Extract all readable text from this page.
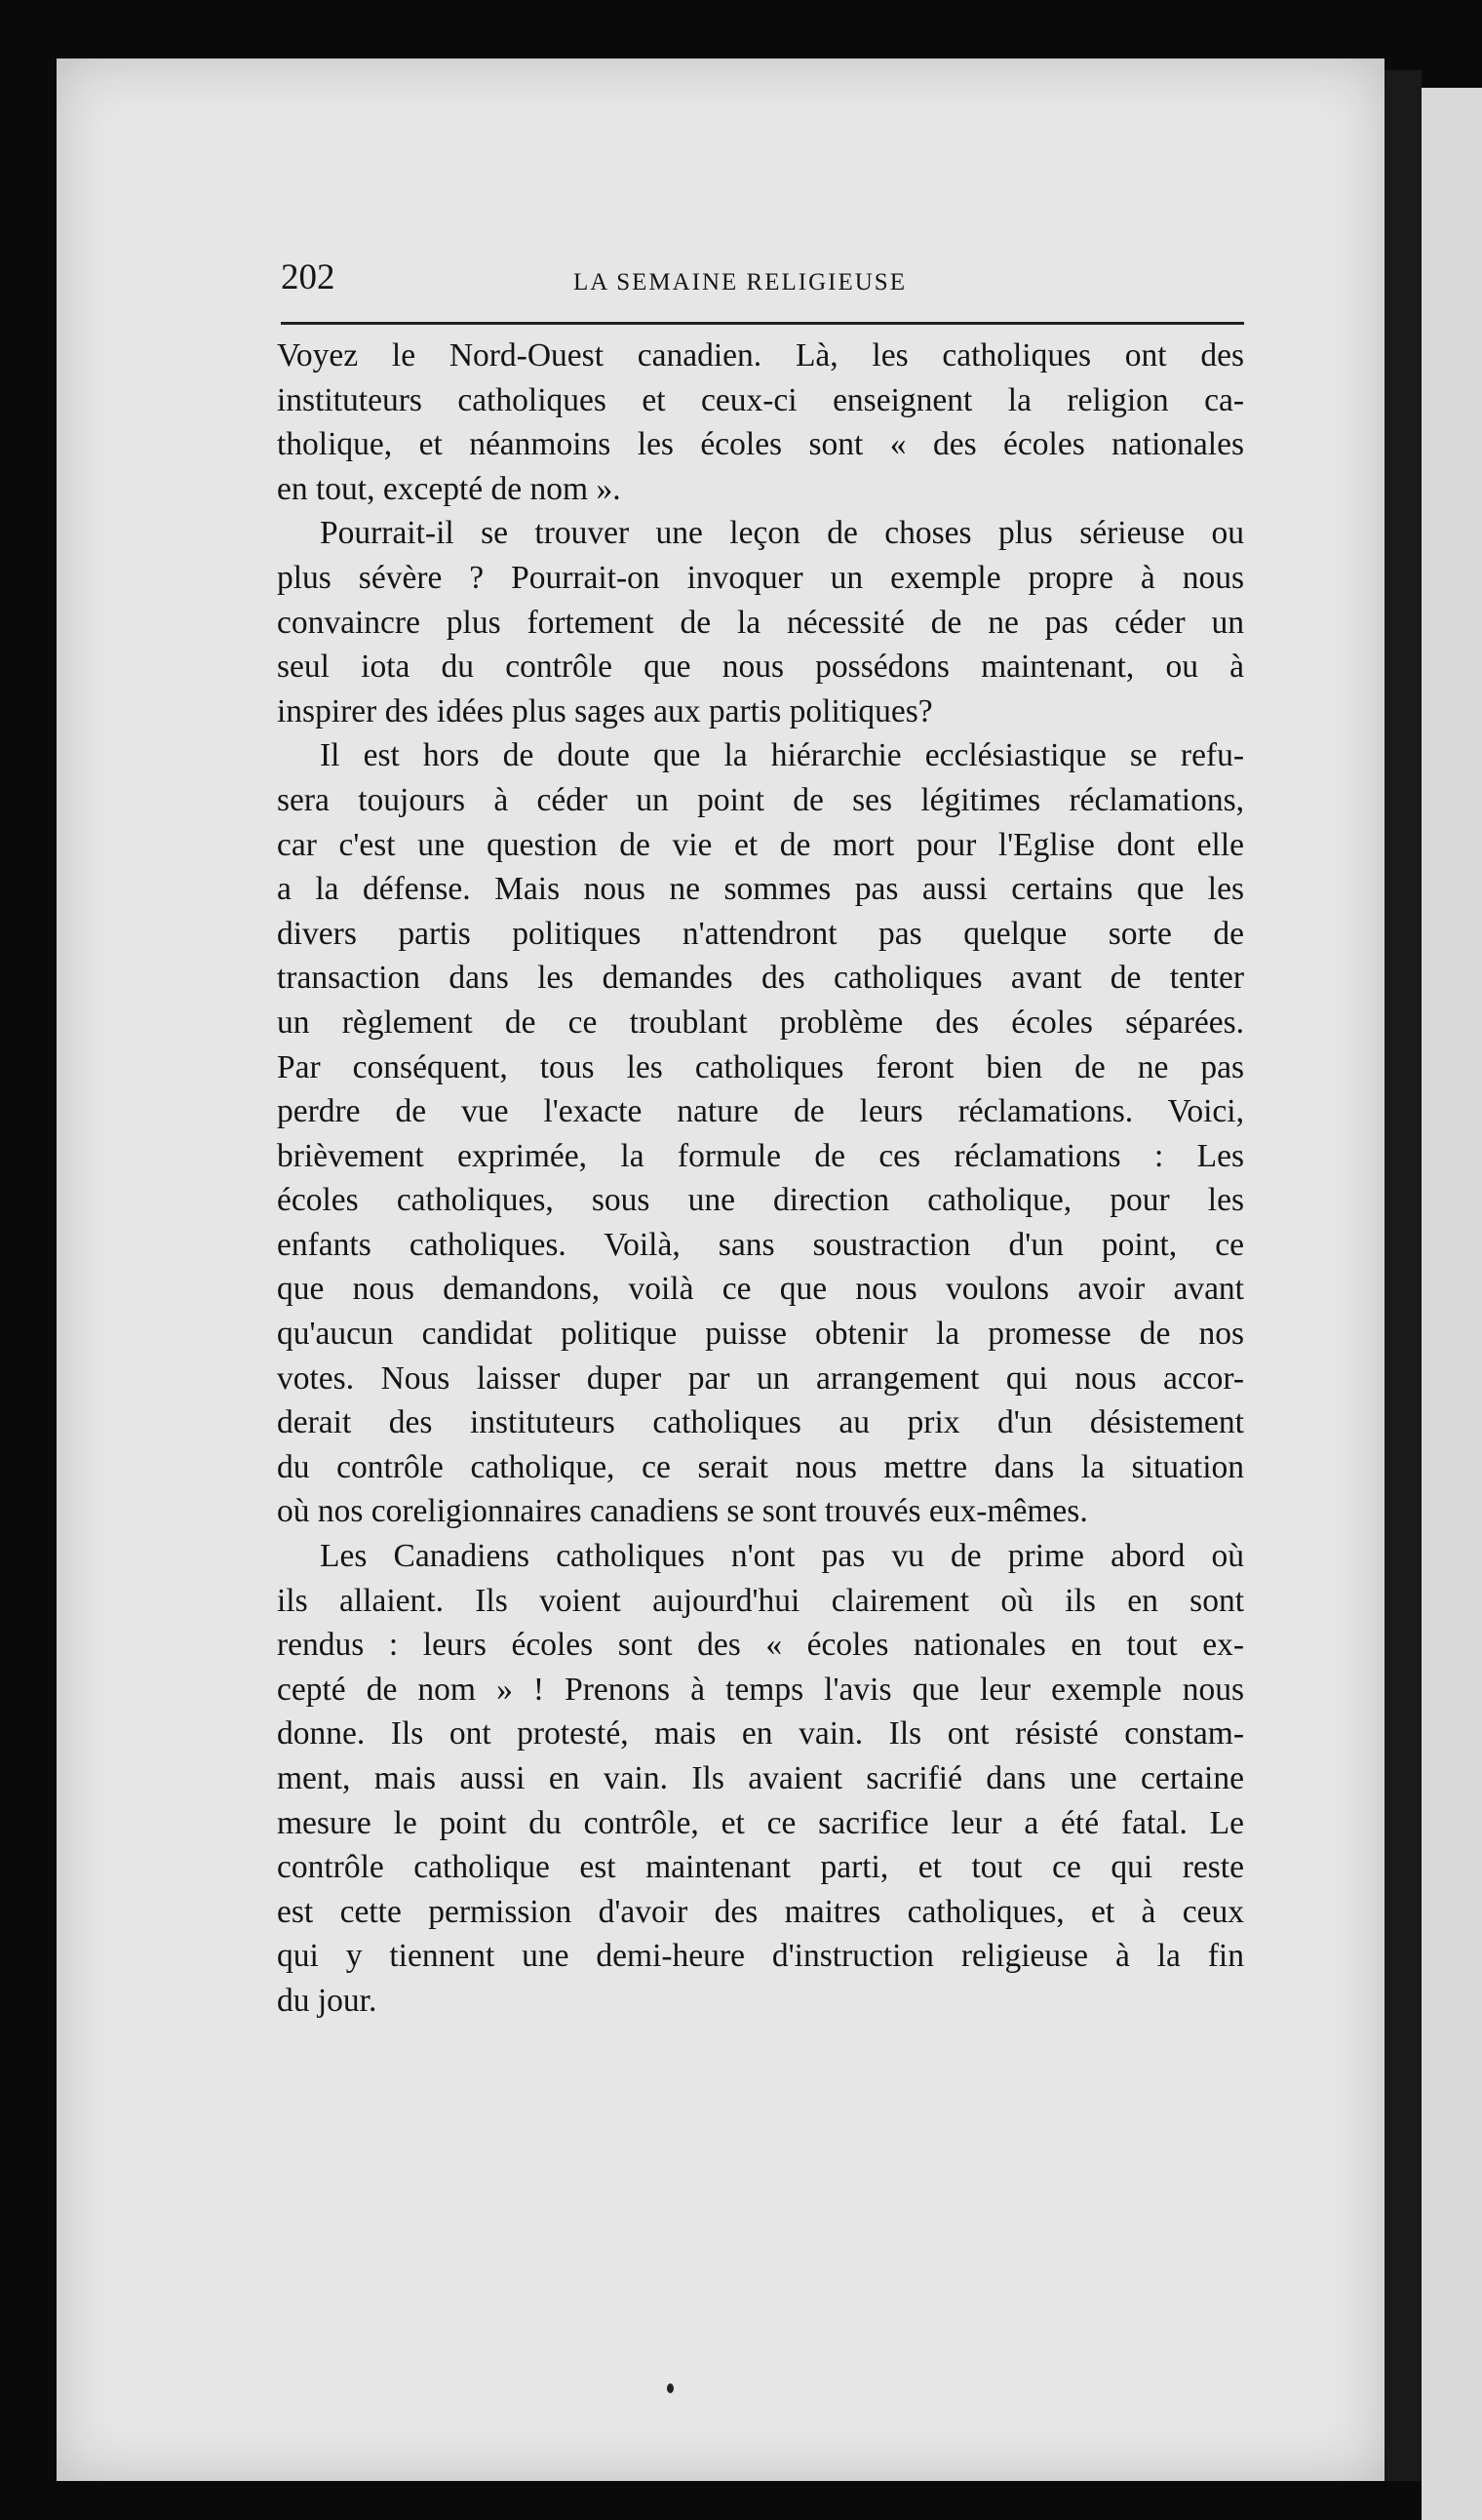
202	LA SEMAINE RELIGIEUSE
Voyez le Nord-Ouest canadien. Là, les catholiques ont des
instituteurs catholiques et ceux-ci enseignent la religion ca-
tholique, et néanmoins les écoles sont « des écoles nationales
en tout, excepté de nom ».
Pourrait-il se trouver une leçon de choses plus sérieuse ou
plus sévère ? Pourrait-on invoquer un exemple propre à nous
convaincre plus fortement de la nécessité de ne pas céder un
seul iota du contrôle que nous possédons maintenant, ou à
inspirer des idées plus sages aux partis politiques?
Il est hors de doute que la hiérarchie ecclésiastique se refu-
sera toujours à céder un point de ses légitimes réclamations,
car c'est une question de vie et de mort pour l'Eglise dont elle
a la défense. Mais nous ne sommes pas aussi certains que les
divers partis politiques n'attendront pas quelque sorte de
transaction dans les demandes des catholiques avant de tenter
un règlement de ce troublant problème des écoles séparées.
Par conséquent, tous les catholiques feront bien de ne pas
perdre de vue l'exacte nature de leurs réclamations. Voici,
brièvement exprimée, la formule de ces réclamations : Les
écoles catholiques, sous une direction catholique, pour les
enfants catholiques. Voilà, sans soustraction d'un point, ce
que nous demandons, voilà ce que nous voulons avoir avant
qu'aucun candidat politique puisse obtenir la promesse de nos
votes. Nous laisser duper par un arrangement qui nous accor-
derait des instituteurs catholiques au prix d'un désistement
du contrôle catholique, ce serait nous mettre dans la situation
où nos coreligionnaires canadiens se sont trouvés eux-mêmes.
Les Canadiens catholiques n'ont pas vu de prime abord où
ils allaient. Ils voient aujourd'hui clairement où ils en sont
rendus : leurs écoles sont des « écoles nationales en tout ex-
cepté de nom » ! Prenons à temps l'avis que leur exemple nous
donne. Ils ont protesté, mais en vain. Ils ont résisté constam-
ment, mais aussi en vain. Ils avaient sacrifié dans une certaine
mesure le point du contrôle, et ce sacrifice leur a été fatal. Le
contrôle catholique est maintenant parti, et tout ce qui reste
est cette permission d'avoir des maitres catholiques, et à ceux
qui y tiennent une demi-heure d'instruction religieuse à la fin
du jour.
